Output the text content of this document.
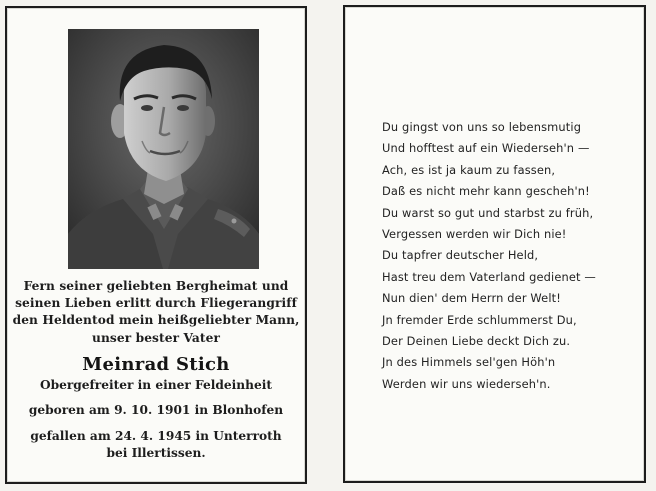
Fern seiner geliebten Bergheimat und
seinen Lieben erlitt durch Fliegerangriff
den Heldentod mein heißgeliebter Mann,
unser bester Vater
Meinrad Stich
Obergefreiter in einer Feldeinheit
geboren am 9. 10. 1901 in Blonhofen
gefallen am 24. 4. 1945 in Unterroth
bei Illertissen.
Du gingst von uns so lebensmutig
Und hofftest auf ein Wiederseh'n —
Ach, es ist ja kaum zu fassen,
Daß es nicht mehr kann gescheh'n!
Du warst so gut und starbst zu früh,
Vergessen werden wir Dich nie!
Du tapfrer deutscher Held,
Hast treu dem Vaterland gedienet —
Nun dien' dem Herrn der Welt!
Jn fremder Erde schlummerst Du,
Der Deinen Liebe deckt Dich zu.
Jn des Himmels sel'gen Höh'n
Werden wir uns wiederseh'n.
